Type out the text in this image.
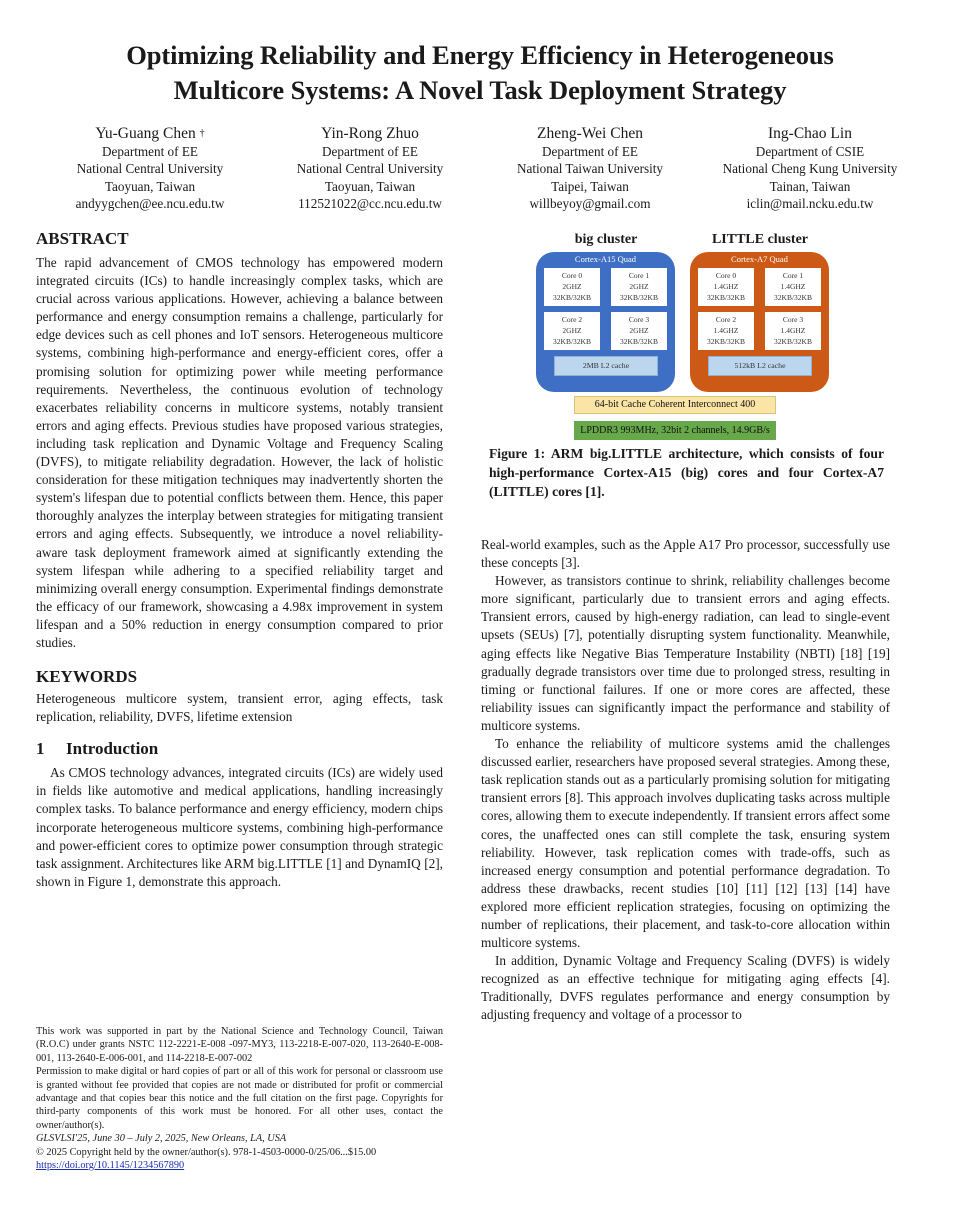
Optimizing Reliability and Energy Efficiency in Heterogeneous
Multicore Systems: A Novel Task Deployment Strategy
Yu-Guang Chen †
Department of EE
National Central University
Taoyuan, Taiwan
andyygchen@ee.ncu.edu.tw
Yin-Rong Zhuo
Department of EE
National Central University
Taoyuan, Taiwan
112521022@cc.ncu.edu.tw
Zheng-Wei Chen
Department of EE
National Taiwan University
Taipei, Taiwan
willbeyoy@gmail.com
Ing-Chao Lin
Department of CSIE
National Cheng Kung University
Tainan, Taiwan
iclin@mail.ncku.edu.tw
ABSTRACT

The rapid advancement of CMOS technology has empowered modern integrated circuits (ICs) to handle increasingly complex tasks, which are crucial across various applications. However, achieving a balance between performance and energy consumption remains a challenge, particularly for edge devices such as cell phones and IoT sensors. Heterogeneous multicore systems, combining high-performance and energy-efficient cores, offer a promising solution for optimizing power while meeting performance requirements. Nevertheless, the continuous evolution of technology exacerbates reliability concerns in multicore systems, notably transient errors and aging effects. Previous studies have proposed various strategies, including task replication and Dynamic Voltage and Frequency Scaling (DVFS), to mitigate reliability degradation. However, the lack of holistic consideration for these mitigation techniques may inadvertently shorten the system's lifespan due to potential conflicts between them. Hence, this paper thoroughly analyzes the interplay between strategies for mitigating transient errors and aging effects. Subsequently, we introduce a novel reliability-aware task deployment framework aimed at significantly extending the system lifespan while adhering to a specified reliability target and minimizing overall energy consumption. Experimental findings demonstrate the efficacy of our framework, showcasing a 4.98x improvement in system lifespan and a 50% reduction in energy consumption compared to prior studies.

KEYWORDS

Heterogeneous multicore system, transient error, aging effects, task replication, reliability, DVFS, lifetime extension

1 Introduction

As CMOS technology advances, integrated circuits (ICs) are widely used in fields like automotive and medical applications, handling increasingly complex tasks. To balance performance and energy efficiency, modern chips incorporate heterogeneous multicore systems, combining high-performance and power-efficient cores to optimize power consumption through strategic task assignment. Architectures like ARM big.LITTLE [1] and DynamIQ [2], shown in Figure 1, demonstrate this approach.

This work was supported in part by the National Science and Technology Council, Taiwan (R.O.C) under grants NSTC 112-2221-E-008 -097-MY3, 113-2218-E-007-020, 113-2640-E-008-001, 113-2640-E-006-001, and 114-2218-E-007-002
Permission to make digital or hard copies of part or all of this work for personal or classroom use is granted without fee provided that copies are not made or distributed for profit or commercial advantage and that copies bear this notice and the full citation on the first page. Copyrights for third-party components of this work must be honored. For all other uses, contact the owner/author(s).
GLSVLSI'25, June 30 – July 2, 2025, New Orleans, LA, USA
© 2025 Copyright held by the owner/author(s). 978-1-4503-0000-0/25/06...$15.00
https://doi.org/10.1145/1234567890
big cluster	LITTLE cluster
Cortex-A15 Quad
Core 0
2GHZ
32KB/32KB
Core 1
2GHZ
32KB/32KB
Core 2
2GHZ
32KB/32KB
Core 3
2GHZ
32KB/32KB
2MB L2 cache
Cortex-A7 Quad
Core 0
1.4GHZ
32KB/32KB
Core 1
1.4GHZ
32KB/32KB
Core 2
1.4GHZ
32KB/32KB
Core 3
1.4GHZ
32KB/32KB
512kB L2 cache
64-bit Cache Coherent Interconnect 400
LPDDR3 993MHz, 32bit 2 channels, 14.9GB/s
Figure 1: ARM big.LITTLE architecture, which consists of four high-performance Cortex-A15 (big) cores and four Cortex-A7 (LITTLE) cores [1].

Real-world examples, such as the Apple A17 Pro processor, successfully use these concepts [3].

However, as transistors continue to shrink, reliability challenges become more significant, particularly due to transient errors and aging effects. Transient errors, caused by high-energy radiation, can lead to single-event upsets (SEUs) [7], potentially disrupting system functionality. Meanwhile, aging effects like Negative Bias Temperature Instability (NBTI) [18] [19] gradually degrade transistors over time due to prolonged stress, resulting in timing or functional failures. If one or more cores are affected, these reliability issues can significantly impact the performance and stability of multicore systems.

To enhance the reliability of multicore systems amid the challenges discussed earlier, researchers have proposed several strategies. Among these, task replication stands out as a particularly promising solution for mitigating transient errors [8]. This approach involves duplicating tasks across multiple cores, allowing them to execute independently. If transient errors affect some cores, the unaffected ones can still complete the task, ensuring system reliability. However, task replication comes with trade-offs, such as increased energy consumption and potential performance degradation. To address these drawbacks, recent studies [10] [11] [12] [13] [14] have explored more efficient replication strategies, focusing on optimizing the number of replications, their placement, and task-to-core allocation within multicore systems.

In addition, Dynamic Voltage and Frequency Scaling (DVFS) is widely recognized as an effective technique for mitigating aging effects [4]. Traditionally, DVFS regulates performance and energy consumption by adjusting frequency and voltage of a processor to
